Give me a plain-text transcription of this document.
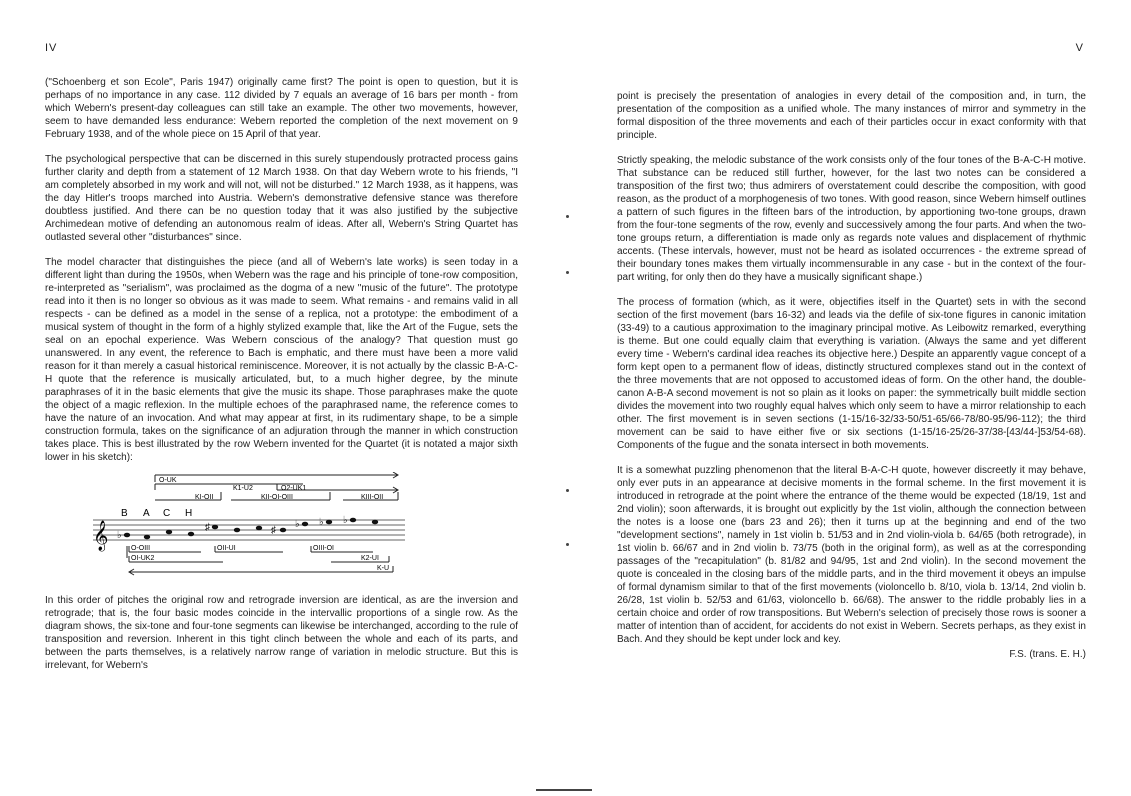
IV

("Schoenberg et son Ecole", Paris 1947) originally came first? The point is open to question, but it is perhaps of no importance in any case. 112 divided by 7 equals an average of 16 bars per month - from which Webern's present-day colleagues can still take an example. The other two movements, however, seem to have demanded less endurance: Webern reported the completion of the next movement on 9 February 1938, and of the whole piece on 15 April of that year.

The psychological perspective that can be discerned in this surely stupendously protracted process gains further clarity and depth from a statement of 12 March 1938. On that day Webern wrote to his friends, "I am completely absorbed in my work and will not, will not be disturbed." 12 March 1938, as it happens, was the day Hitler's troops marched into Austria. Webern's demonstrative defensive stance was therefore doubtless justified. And there can be no question today that it was also justified by the subjective Archimedean motive of defending an autonomous realm of ideas. After all, Webern's String Quartet has outlasted several other "disturbances" since.

The model character that distinguishes the piece (and all of Webern's late works) is seen today in a different light than during the 1950s, when Webern was the rage and his principle of tone-row composition, re-interpreted as "serialism", was proclaimed as the dogma of a new "music of the future". The prototype read into it then is no longer so obvious as it was made to seem. What remains - and remains valid in all respects - can be defined as a model in the sense of a replica, not a prototype: the embodiment of a musical system of thought in the form of a highly stylized example that, like the Art of the Fugue, sets the seal on an epochal experience. Was Webern conscious of the analogy? That question must go unanswered. In any event, the reference to Bach is emphatic, and there must have been a more valid reason for it than merely a casual historical reminiscence. Moreover, it is not actually by the classic B-A-C-H quote that the reference is musically articulated, but, to a much higher degree, by the minute paraphrases of it in the basic elements that give the music its shape. Those paraphrases make the quote the object of a magic reflexion. In the multiple echoes of the paraphrased name, the reference comes to have the nature of an invocation. And what may appear at first, in its rudimentary shape, to be a simple construction formula, takes on the significance of an adjuration through the manner in which construction takes place. This is best illustrated by the row Webern invented for the Quartet (it is notated a major sixth lower in his sketch):

O-UK
K1-U2	O2-UK1
KI-OII	KII-OI-OIII	KIII-OII
𝄞
B A C H
♭
♯	♯
♭ ♭ ♭
O-OIII	OII-UI	OIII-OI
OI-UK2	K2-UI
K-U

In this order of pitches the original row and retrograde inversion are identical, as are the inversion and retrograde; that is, the four basic modes coincide in the intervallic proportions of a single row. As the diagram shows, the six-tone and four-tone segments can likewise be interchanged, according to the rule of transposition and reversion. Inherent in this tight clinch between the whole and each of its parts, and between the parts themselves, is a relatively narrow range of variation in melodic structure. But this is irrelevant, for Webern's

V

point is precisely the presentation of analogies in every detail of the composition and, in turn, the presentation of the composition as a unified whole. The many instances of mirror and symmetry in the formal disposition of the three movements and each of their particles occur in exact conformity with that principle.

Strictly speaking, the melodic substance of the work consists only of the four tones of the B-A-C-H motive. That substance can be reduced still further, however, for the last two notes can be considered a transposition of the first two; thus admirers of overstatement could describe the composition, with good reason, as the product of a morphogenesis of two tones. With good reason, since Webern himself outlines a pattern of such figures in the fifteen bars of the introduction, by apportioning two-tone groups, drawn from the four-tone segments of the row, evenly and successively among the four parts. And when the two-tone groups return, a differentiation is made only as regards note values and displacement of rhythmic accents. (These intervals, however, must not be heard as isolated occurrences - the extreme spread of their boundary tones makes them virtually incommensurable in any case - but in the context of the four-part writing, for only then do they have a musically significant shape.)

The process of formation (which, as it were, objectifies itself in the Quartet) sets in with the second section of the first movement (bars 16-32) and leads via the defile of six-tone figures in canonic imitation (33-49) to a cautious approximation to the imaginary principal motive. As Leibowitz remarked, everything is theme. But one could equally claim that everything is variation. (Always the same and yet different every time - Webern's cardinal idea reaches its objective here.) Despite an apparently vague concept of a form kept open to a permanent flow of ideas, distinctly structured complexes stand out in the context of the three movements that are not opposed to accustomed ideas of form. On the other hand, the double-canon A-B-A second movement is not so plain as it looks on paper: the symmetrically built middle section divides the movement into two roughly equal halves which only seem to have a mirror relationship to each other. The first movement is in seven sections (1-15/16-32/33-50/51-65/66-78/80-95/96-112); the third movement can be said to have either five or six sections (1-15/16-25/26-37/38-[43/44-]53/54-68). Components of the fugue and the sonata intersect in both movements.

It is a somewhat puzzling phenomenon that the literal B-A-C-H quote, however discreetly it may behave, only ever puts in an appearance at decisive moments in the formal scheme. In the first movement it is introduced in retrograde at the point where the entrance of the theme would be expected (18/19, 1st and 2nd violin); soon afterwards, it is brought out explicitly by the 1st violin, although the connection between the notes is a loose one (bars 23 and 26); then it turns up at the beginning and end of the two "development sections", namely in 1st violin b. 51/53 and in 2nd violin-viola b. 64/65 (both retrograde), in 1st violin b. 66/67 and in 2nd violin b. 73/75 (both in the original form), as well as at the corresponding passages of the "recapitulation" (b. 81/82 and 94/95, 1st and 2nd violin). In the second movement the quote is concealed in the closing bars of the middle parts, and in the third movement it obeys an impulse of formal dynamism similar to that of the first movements (violoncello b. 8/10, viola b. 13/14, 2nd violin b. 26/28, 1st violin b. 52/53 and 61/63, violoncello b. 66/68). The answer to the riddle probably lies in a certain choice and order of row transpositions. But Webern's selection of precisely those rows is sooner a matter of intention than of accident, for accidents do not exist in Webern. Secrets perhaps, as they exist in Bach. And they should be kept under lock and key.

F.S. (trans. E. H.)
